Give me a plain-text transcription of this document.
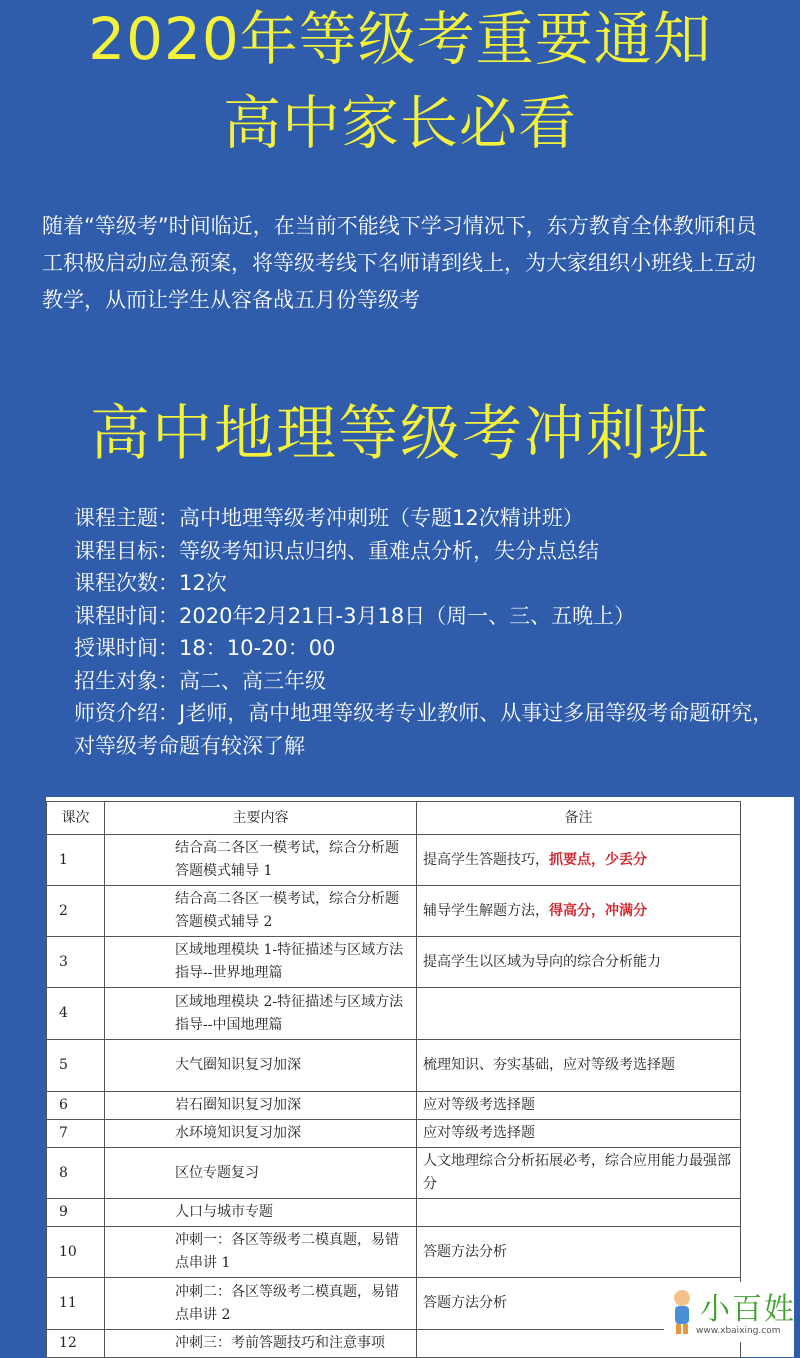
2020年等级考重要通知
高中家长必看
随着“等级考”时间临近，在当前不能线下学习情况下，东方教育全体教师和员工积极启动应急预案，将等级考线下名师请到线上，为大家组织小班线上互动教学，从而让学生从容备战五月份等级考
高中地理等级考冲刺班
课程主题：高中地理等级考冲刺班（专题12次精讲班）
课程目标：等级考知识点归纳、重难点分析，失分点总结
课程次数：12次
课程时间：2020年2月21日-3月18日（周一、三、五晚上）
授课时间：18：10-20：00
招生对象：高二、高三年级
师资介绍：J老师，高中地理等级考专业教师、从事过多届等级考命题研究，对等级考命题有较深了解
课次	主要内容	备注
1	结合高二各区一模考试，综合分析题答题模式辅导 1	提高学生答题技巧，抓要点，少丢分
2	结合高二各区一模考试，综合分析题答题模式辅导 2	辅导学生解题方法，得高分，冲满分
3	区域地理模块 1-特征描述与区域方法指导--世界地理篇	提高学生以区域为导向的综合分析能力
4	区域地理模块 2-特征描述与区域方法指导--中国地理篇	
5	大气圈知识复习加深	梳理知识、夯实基础，应对等级考选择题
6	岩石圈知识复习加深	应对等级考选择题
7	水环境知识复习加深	应对等级考选择题
8	区位专题复习	人文地理综合分析拓展必考，综合应用能力最强部分
9	人口与城市专题	
10	冲刺一：各区等级考二模真题，易错点串讲 1	答题方法分析
11	冲刺二：各区等级考二模真题，易错点串讲 2	答题方法分析
12	冲刺三：考前答题技巧和注意事项	
小百姓
www.xbaixing.com
